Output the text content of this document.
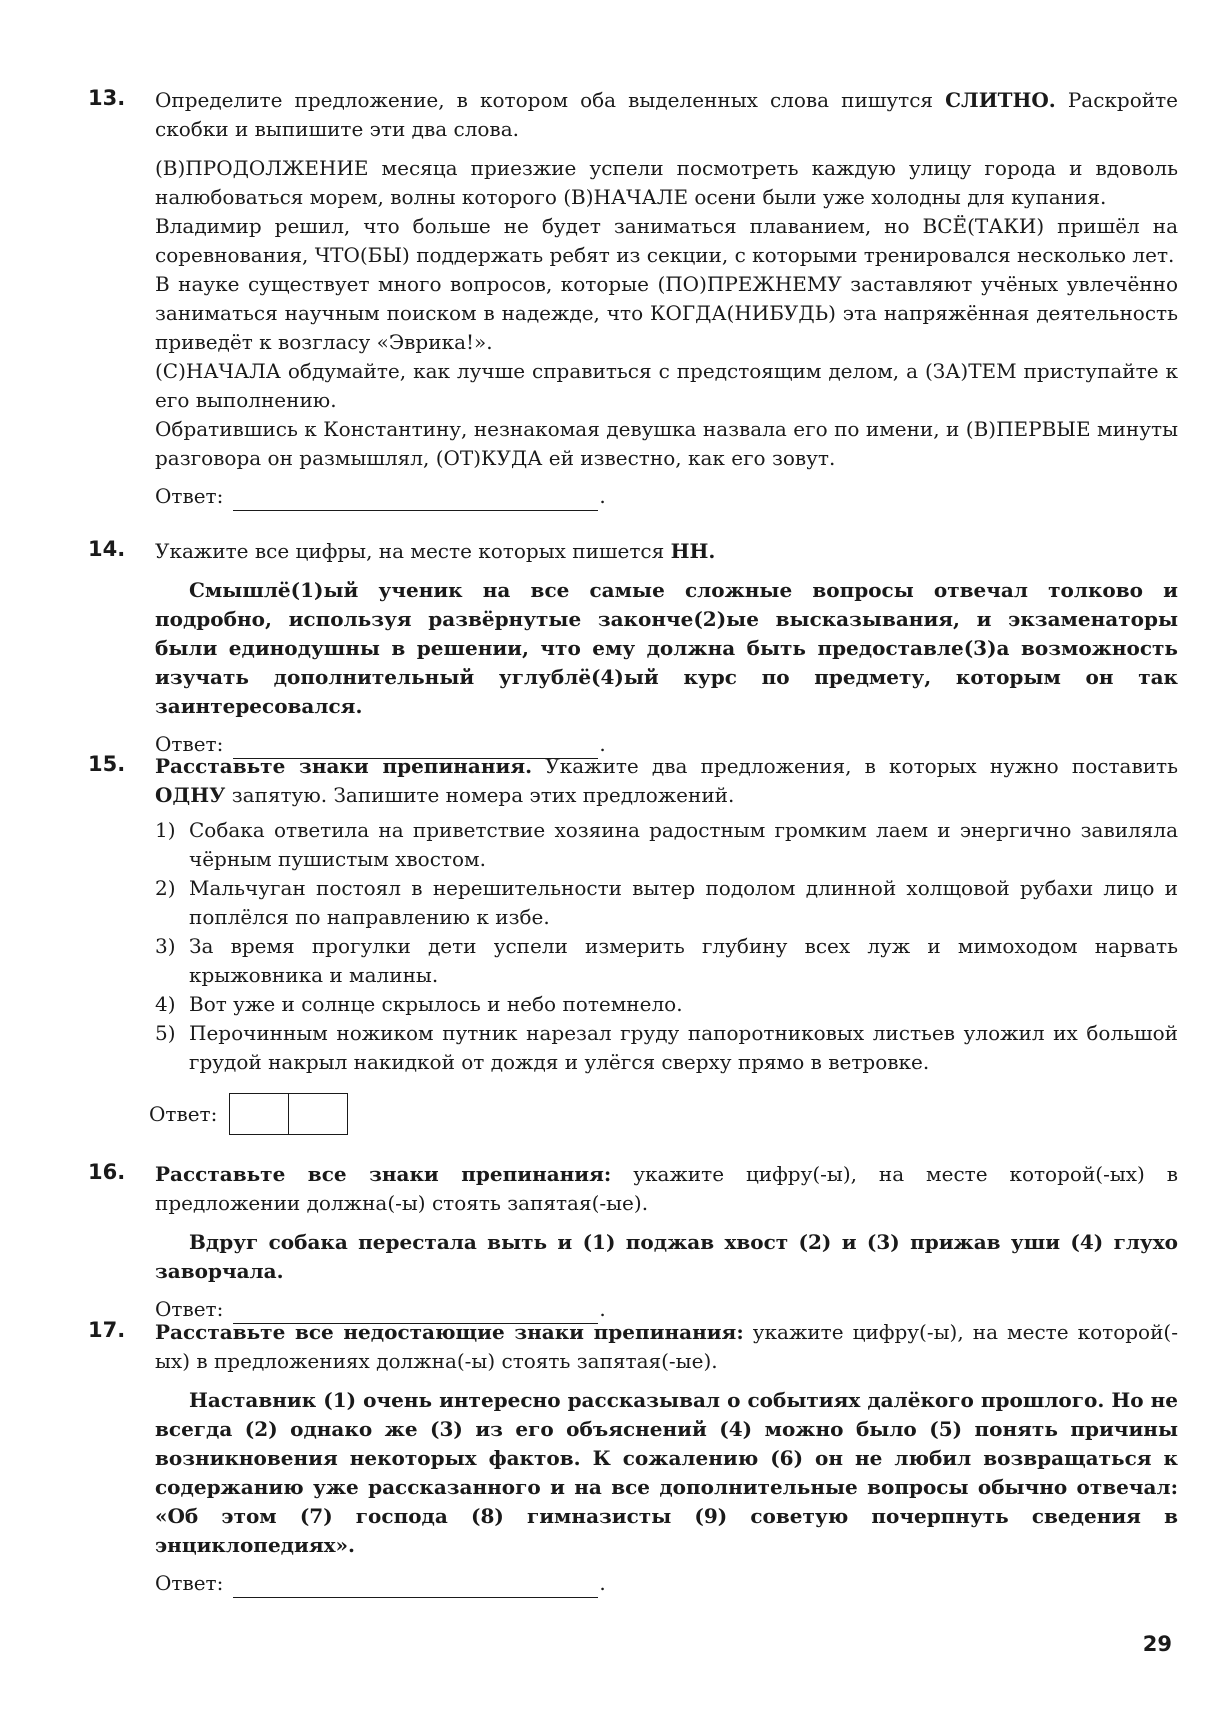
13. Определите предложение, в котором оба выделенных слова пишутся СЛИТНО. Раскройте скобки и выпишите эти два слова.

(В)ПРОДОЛЖЕНИЕ месяца приезжие успели посмотреть каждую улицу города и вдоволь налюбоваться морем, волны которого (В)НАЧАЛЕ осени были уже холодны для купания.

Владимир решил, что больше не будет заниматься плаванием, но ВСЁ(ТАКИ) пришёл на соревнования, ЧТО(БЫ) поддержать ребят из секции, с которыми тренировался несколько лет.

В науке существует много вопросов, которые (ПО)ПРЕЖНЕМУ заставляют учёных увлечённо заниматься научным поиском в надежде, что КОГДА(НИБУДЬ) эта напряжённая деятельность приведёт к возгласу «Эврика!».

(С)НАЧАЛА обдумайте, как лучше справиться с предстоящим делом, а (ЗА)ТЕМ приступайте к его выполнению.

Обратившись к Константину, незнакомая девушка назвала его по имени, и (В)ПЕРВЫЕ минуты разговора он размышлял, (ОТ)КУДА ей известно, как его зовут.

Ответ:	.
14. Укажите все цифры, на месте которых пишется НН.

Смышлё(1)ый ученик на все самые сложные вопросы отвечал толково и подробно, используя развёрнутые законче(2)ые высказывания, и экзаменаторы были единодушны в решении, что ему должна быть предоставле(3)а возможность изучать дополнительный углублё(4)ый курс по предмету, которым он так заинтересовался.

Ответ:	.
15. Расставьте знаки препинания. Укажите два предложения, в которых нужно поставить ОДНУ запятую. Запишите номера этих предложений.

1) Собака ответила на приветствие хозяина радостным громким лаем и энергично завиляла чёрным пушистым хвостом.
2) Мальчуган постоял в нерешительности вытер подолом длинной холщовой рубахи лицо и поплёлся по направлению к избе.
3) За время прогулки дети успели измерить глубину всех луж и мимоходом нарвать крыжовника и малины.
4) Вот уже и солнце скрылось и небо потемнело.
5) Перочинным ножиком путник нарезал груду папоротниковых листьев уложил их большой грудой накрыл накидкой от дождя и улёгся сверху прямо в ветровке.
Ответ:
16. Расставьте все знаки препинания: укажите цифру(-ы), на месте которой(-ых) в предложении должна(-ы) стоять запятая(-ые).

Вдруг собака перестала выть и (1) поджав хвост (2) и (3) прижав уши (4) глухо заворчала.

Ответ:	.
17. Расставьте все недостающие знаки препинания: укажите цифру(-ы), на месте которой(-ых) в предложениях должна(-ы) стоять запятая(-ые).

Наставник (1) очень интересно рассказывал о событиях далёкого прошлого. Но не всегда (2) однако же (3) из его объяснений (4) можно было (5) понять причины возникновения некоторых фактов. К сожалению (6) он не любил возвращаться к содержанию уже рассказанного и на все дополнительные вопросы обычно отвечал: «Об этом (7) господа (8) гимназисты (9) советую почерпнуть сведения в энциклопедиях».

Ответ:	.
29
